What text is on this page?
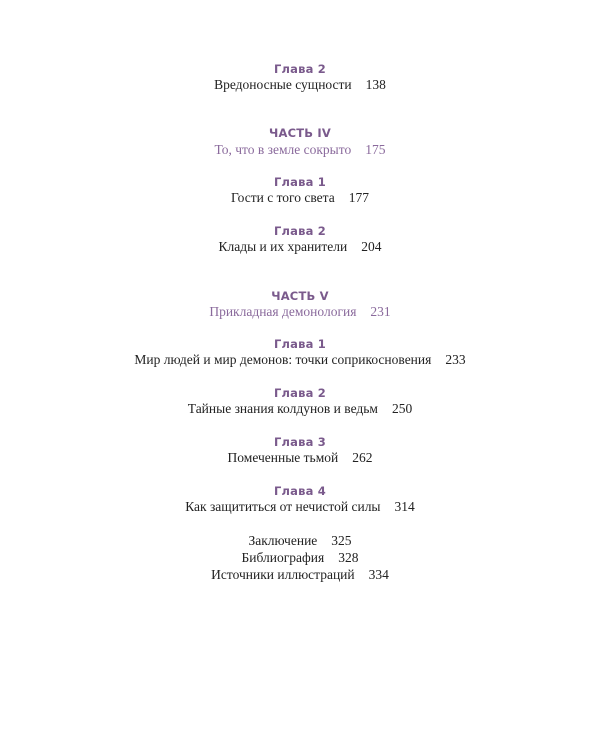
Глава 2
Вредоносные сущности 138
ЧАСТЬ IV
То, что в земле сокрыто 175
Глава 1
Гости с того света 177
Глава 2
Клады и их хранители 204
ЧАСТЬ V
Прикладная демонология 231
Глава 1
Мир людей и мир демонов: точки соприкосновения 233
Глава 2
Тайные знания колдунов и ведьм 250
Глава 3
Помеченные тьмой 262
Глава 4
Как защититься от нечистой силы 314
Заключение 325
Библиография 328
Источники иллюстраций 334
